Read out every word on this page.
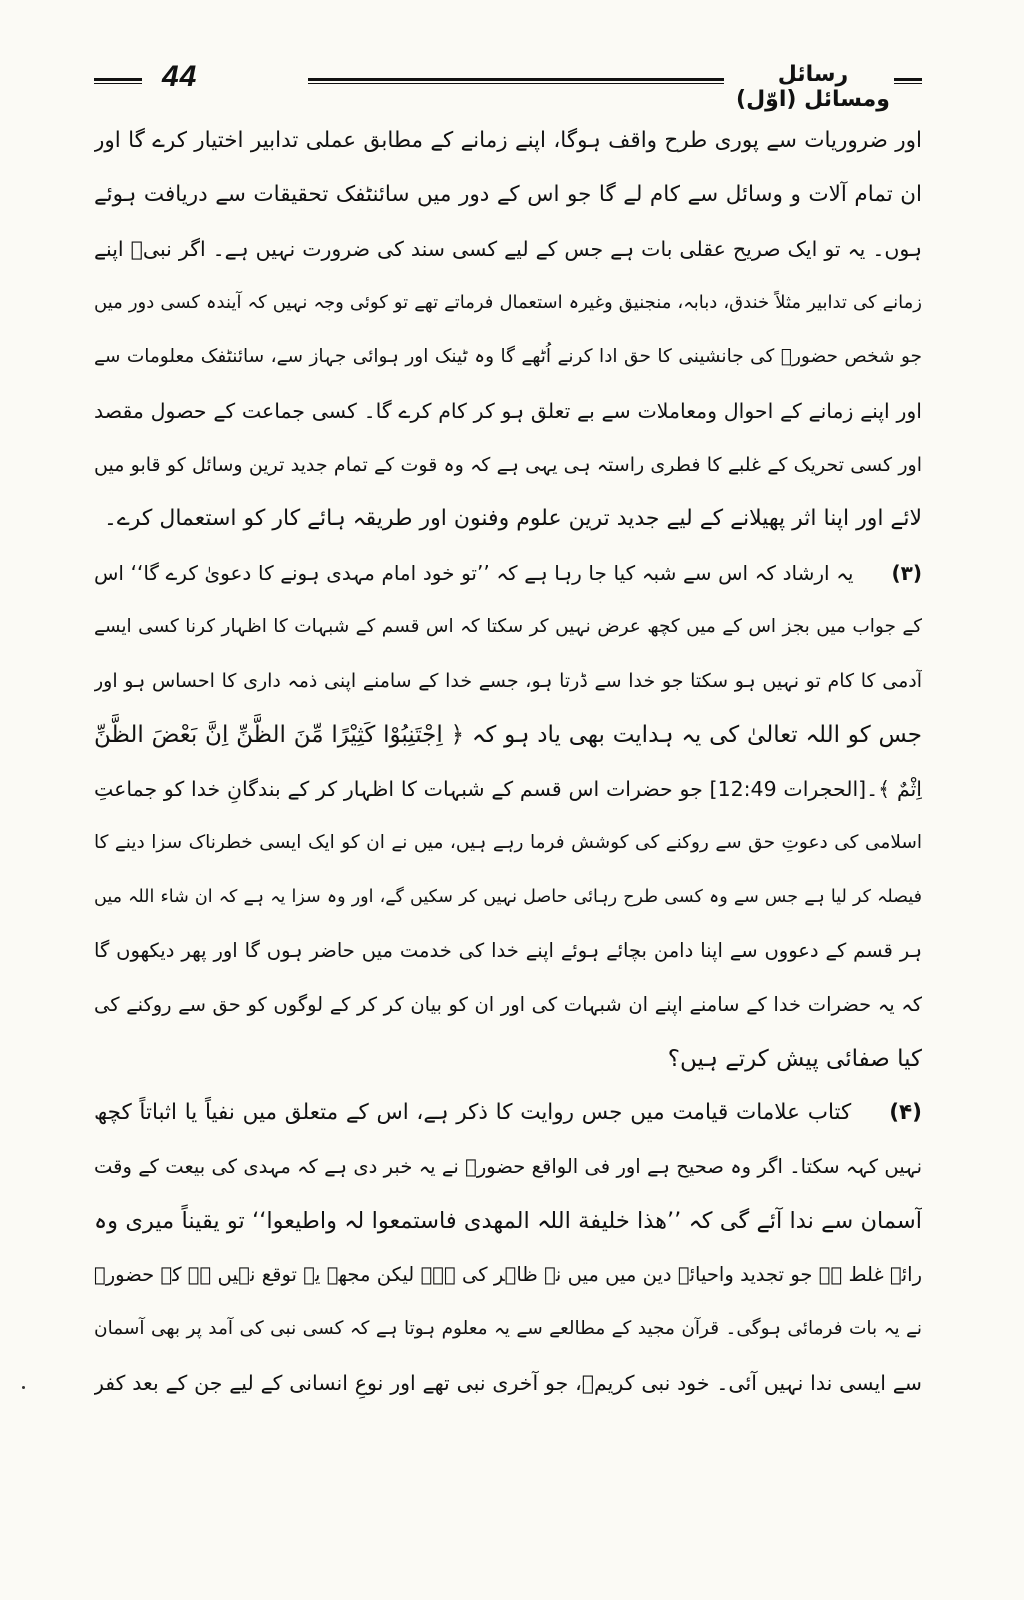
44	رسائل ومسائل (اوّل)
اور ضروریات سے پوری طرح واقف ہوگا، اپنے زمانے کے مطابق عملی تدابیر اختیار کرے گا اور
ان تمام آلات و وسائل سے کام لے گا جو اس کے دور میں سائنٹفک تحقیقات سے دریافت ہوئے
ہوں۔ یہ تو ایک صریح عقلی بات ہے جس کے لیے کسی سند کی ضرورت نہیں ہے۔ اگر نبیؐ اپنے
زمانے کی تدابیر مثلاً خندق، دبابہ، منجنیق وغیرہ استعمال فرماتے تھے تو کوئی وجہ نہیں کہ آیندہ کسی دور میں
جو شخص حضورؐ کی جانشینی کا حق ادا کرنے اُٹھے گا وہ ٹینک اور ہوائی جہاز سے، سائنٹفک معلومات سے
اور اپنے زمانے کے احوال ومعاملات سے بے تعلق ہو کر کام کرے گا۔ کسی جماعت کے حصول مقصد
اور کسی تحریک کے غلبے کا فطری راستہ ہی یہی ہے کہ وہ قوت کے تمام جدید ترین وسائل کو قابو میں
لائے اور اپنا اثر پھیلانے کے لیے جدید ترین علوم وفنون اور طریقہ ہائے کار کو استعمال کرے۔
(۳)یہ ارشاد کہ اس سے شبہ کیا جا رہا ہے کہ ’’تو خود امام مہدی ہونے کا دعویٰ کرے گا‘‘ اس
کے جواب میں بجز اس کے میں کچھ عرض نہیں کر سکتا کہ اس قسم کے شبہات کا اظہار کرنا کسی ایسے
آدمی کا کام تو نہیں ہو سکتا جو خدا سے ڈرتا ہو، جسے خدا کے سامنے اپنی ذمہ داری کا احساس ہو اور
جس کو اللہ تعالیٰ کی یہ ہدایت بھی یاد ہو کہ ﴿ اِجْتَنِبُوْا كَثِيْرًا مِّنَ الظَّنِّ اِنَّ بَعْضَ الظَّنِّ
اِثْمٌ ﴾۔[الحجرات 12:49] جو حضرات اس قسم کے شبہات کا اظہار کر کے بندگانِ خدا کو جماعتِ
اسلامی کی دعوتِ حق سے روکنے کی کوشش فرما رہے ہیں، میں نے ان کو ایک ایسی خطرناک سزا دینے کا
فیصلہ کر لیا ہے جس سے وہ کسی طرح رہائی حاصل نہیں کر سکیں گے، اور وہ سزا یہ ہے کہ ان شاء اللہ میں
ہر قسم کے دعووں سے اپنا دامن بچائے ہوئے اپنے خدا کی خدمت میں حاضر ہوں گا اور پھر دیکھوں گا
کہ یہ حضرات خدا کے سامنے اپنے ان شبہات کی اور ان کو بیان کر کر کے لوگوں کو حق سے روکنے کی
کیا صفائی پیش کرتے ہیں؟
(۴)کتاب علامات قیامت میں جس روایت کا ذکر ہے، اس کے متعلق میں نفیاً یا اثباتاً کچھ
نہیں کہہ سکتا۔ اگر وہ صحیح ہے اور فی الواقع حضورؐ نے یہ خبر دی ہے کہ مہدی کی بیعت کے وقت
آسمان سے ندا آئے گی کہ ’’ھذا خلیفة اللہ المھدی فاستمعوا لہ واطیعوا‘‘ تو یقیناً میری وہ
رائے غلط ہے جو تجدید واحیائے دین میں میں نے ظاہر کی ہے۔ لیکن مجھے یہ توقع نہیں ہے کہ حضورؐ
نے یہ بات فرمائی ہوگی۔ قرآن مجید کے مطالعے سے یہ معلوم ہوتا ہے کہ کسی نبی کی آمد پر بھی آسمان
سے ایسی ندا نہیں آئی۔ خود نبی کریمؐ، جو آخری نبی تھے اور نوعِ انسانی کے لیے جن کے بعد کفر
